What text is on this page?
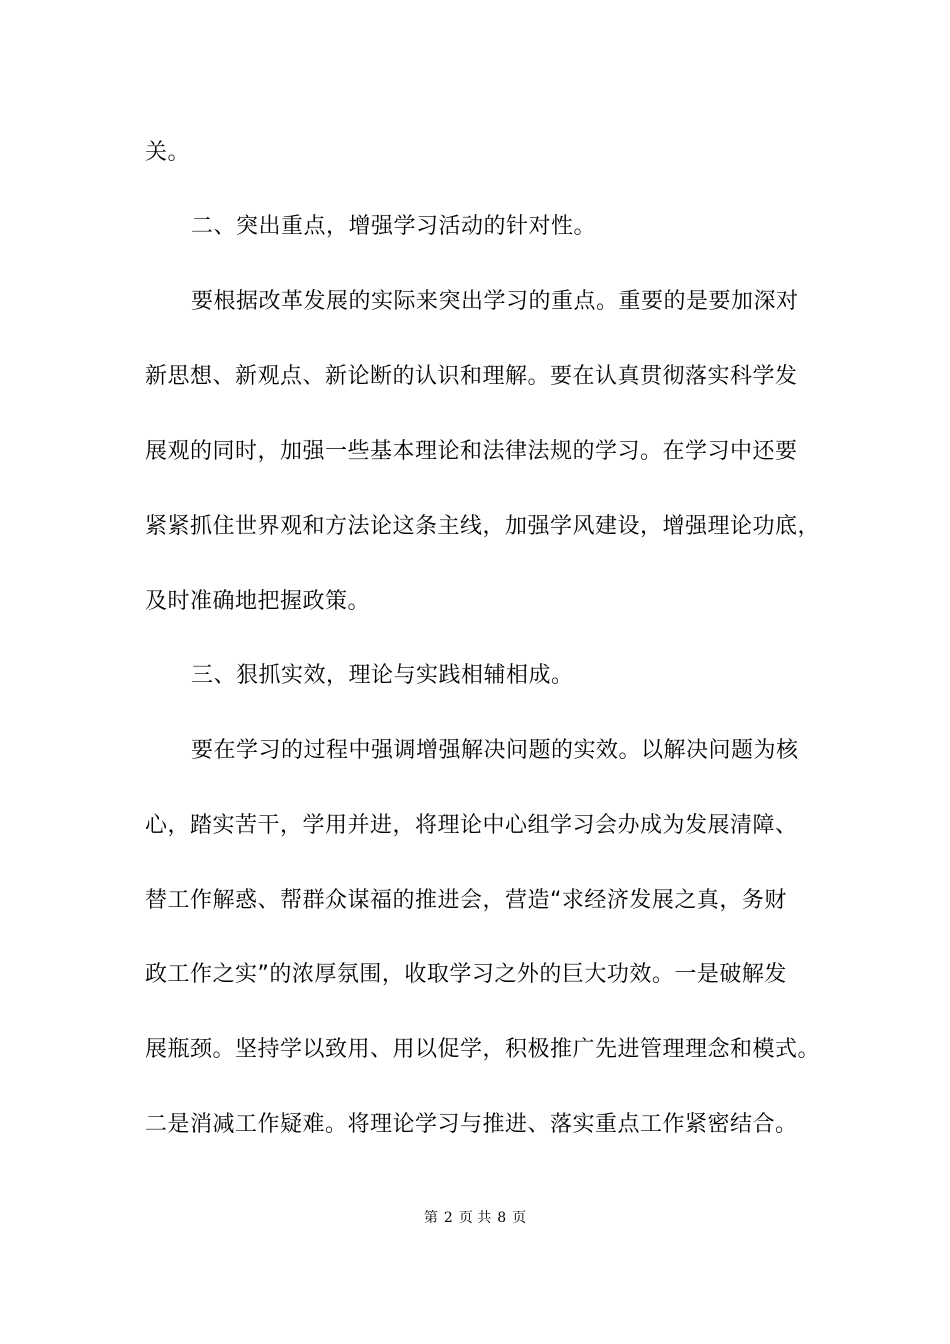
关。
二、突出重点，增强学习活动的针对性。
要根据改革发展的实际来突出学习的重点。重要的是要加深对
新思想、新观点、新论断的认识和理解。要在认真贯彻落实科学发
展观的同时，加强一些基本理论和法律法规的学习。在学习中还要
紧紧抓住世界观和方法论这条主线，加强学风建设，增强理论功底，
及时准确地把握政策。
三、狠抓实效，理论与实践相辅相成。
要在学习的过程中强调增强解决问题的实效。以解决问题为核
心，踏实苦干，学用并进，将理论中心组学习会办成为发展清障、
替工作解惑、帮群众谋福的推进会，营造“求经济发展之真，务财
政工作之实”的浓厚氛围，收取学习之外的巨大功效。一是破解发
展瓶颈。坚持学以致用、用以促学，积极推广先进管理理念和模式。
二是消减工作疑难。将理论学习与推进、落实重点工作紧密结合。
第 2 页 共 8 页
